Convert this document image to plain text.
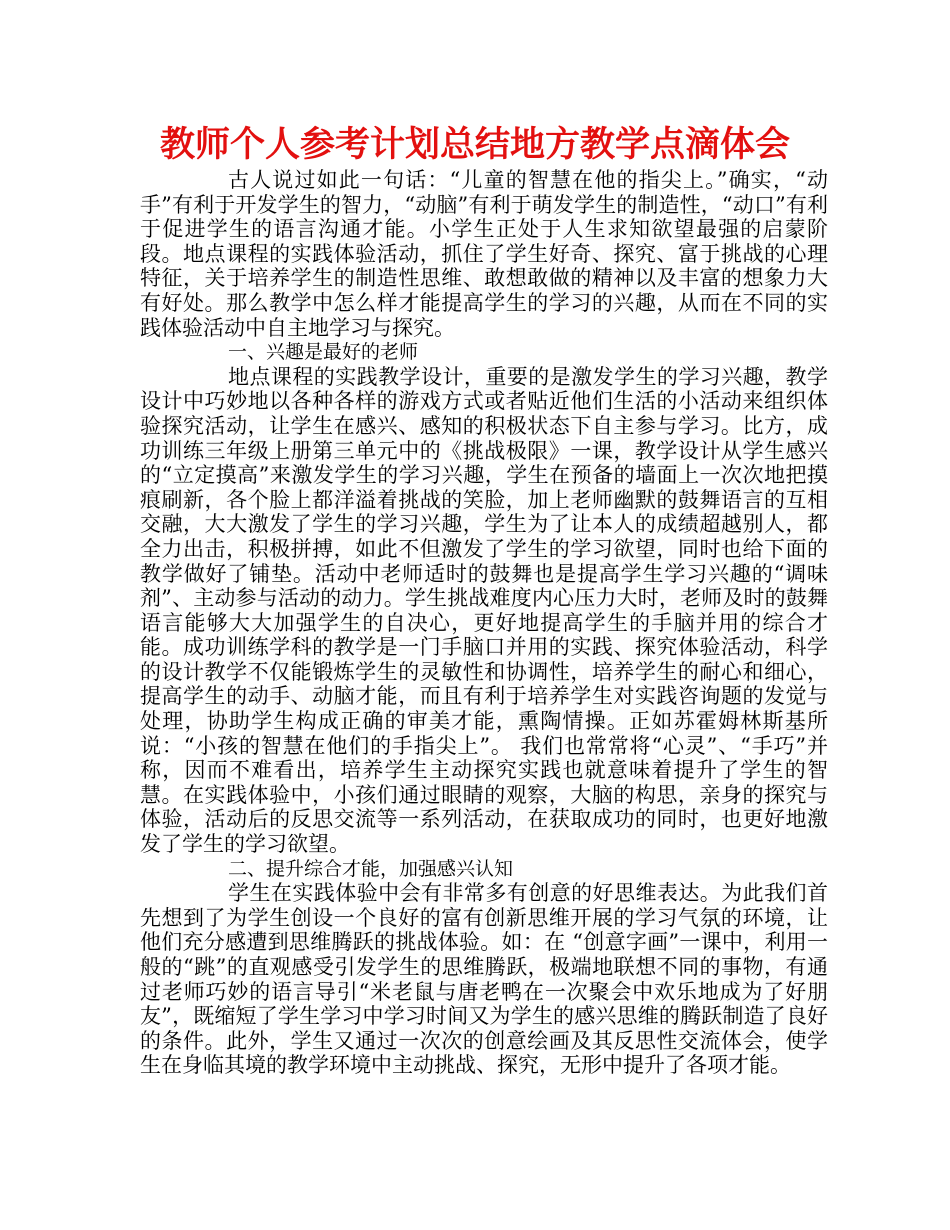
教师个人参考计划总结地方教学点滴体会

古人说过如此一句话：“儿童的智慧在他的指尖上。”确实，“动手”有利于开发学生的智力，“动脑”有利于萌发学生的制造性，“动口”有利于促进学生的语言沟通才能。小学生正处于人生求知欲望最强的启蒙阶段。地点课程的实践体验活动，抓住了学生好奇、探究、富于挑战的心理特征，关于培养学生的制造性思维、敢想敢做的精神以及丰富的想象力大有好处。那么教学中怎么样才能提高学生的学习的兴趣，从而在不同的实践体验活动中自主地学习与探究。

一、兴趣是最好的老师

地点课程的实践教学设计，重要的是激发学生的学习兴趣，教学设计中巧妙地以各种各样的游戏方式或者贴近他们生活的小活动来组织体验探究活动，让学生在感兴、感知的积极状态下自主参与学习。比方，成功训练三年级上册第三单元中的《挑战极限》一课，教学设计从学生感兴的“立定摸高”来激发学生的学习兴趣，学生在预备的墙面上一次次地把摸痕刷新，各个脸上都洋溢着挑战的笑脸，加上老师幽默的鼓舞语言的互相交融，大大激发了学生的学习兴趣，学生为了让本人的成绩超越别人，都全力出击，积极拼搏，如此不但激发了学生的学习欲望，同时也给下面的教学做好了铺垫。活动中老师适时的鼓舞也是提高学生学习兴趣的“调味剂”、主动参与活动的动力。学生挑战难度内心压力大时，老师及时的鼓舞语言能够大大加强学生的自决心，更好地提高学生的手脑并用的综合才能。成功训练学科的教学是一门手脑口并用的实践、探究体验活动，科学的设计教学不仅能锻炼学生的灵敏性和协调性，培养学生的耐心和细心，提高学生的动手、动脑才能，而且有利于培养学生对实践咨询题的发觉与处理，协助学生构成正确的审美才能，熏陶情操。正如苏霍姆林斯基所说：“小孩的智慧在他们的手指尖上”。 我们也常常将“心灵”、“手巧”并称，因而不难看出，培养学生主动探究实践也就意味着提升了学生的智慧。在实践体验中，小孩们通过眼睛的观察，大脑的构思，亲身的探究与体验，活动后的反思交流等一系列活动，在获取成功的同时，也更好地激发了学生的学习欲望。

二、提升综合才能，加强感兴认知

学生在实践体验中会有非常多有创意的好思维表达。为此我们首先想到了为学生创设一个良好的富有创新思维开展的学习气氛的环境，让他们充分感遭到思维腾跃的挑战体验。如：在 “创意字画”一课中，利用一般的“跳”的直观感受引发学生的思维腾跃，极端地联想不同的事物，有通过老师巧妙的语言导引“米老鼠与唐老鸭在一次聚会中欢乐地成为了好朋友”，既缩短了学生学习中学习时间又为学生的感兴思维的腾跃制造了良好的条件。此外，学生又通过一次次的创意绘画及其反思性交流体会，使学生在身临其境的教学环境中主动挑战、探究，无形中提升了各项才能。
